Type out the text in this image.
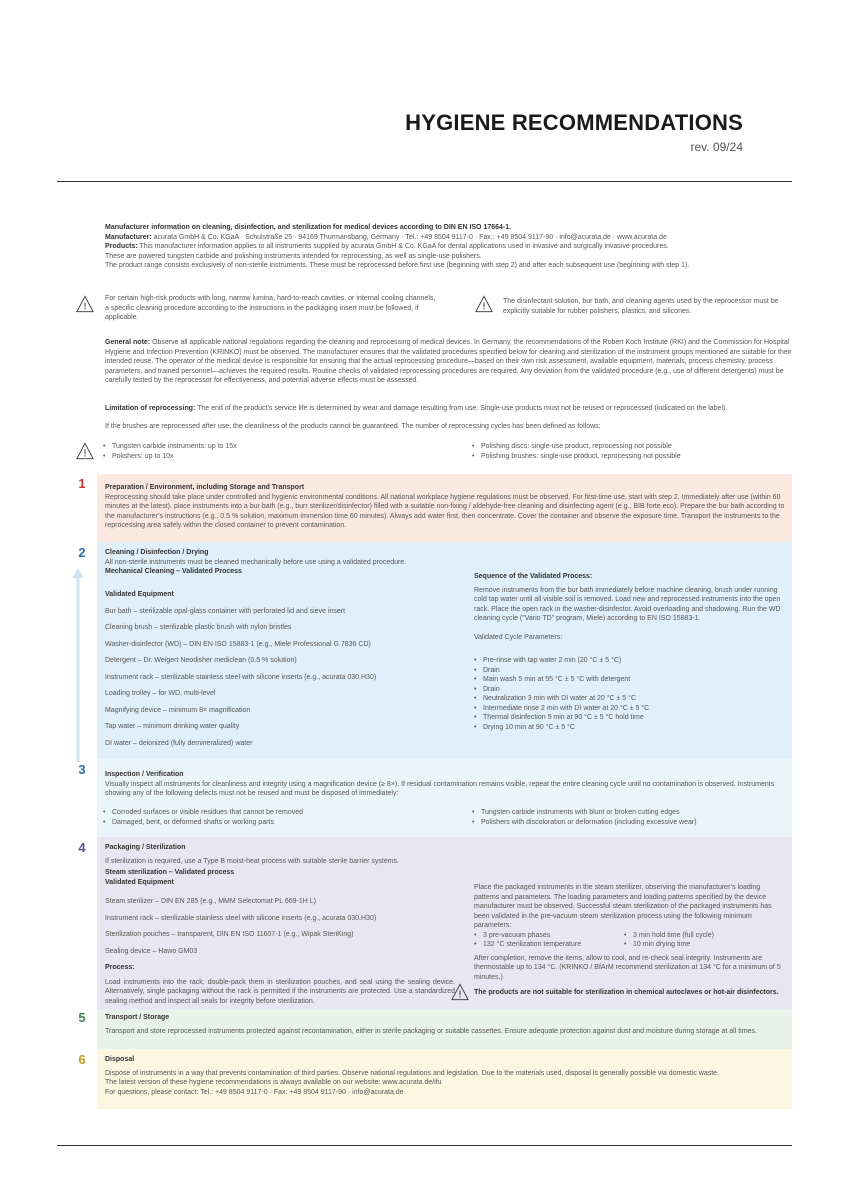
HYGIENE RECOMMENDATIONS
rev. 09/24

Manufacturer information on cleaning, disinfection, and sterilization for medical devices according to DIN EN ISO 17664-1.

Manufacturer: acurata GmbH & Co. KGaA · Schulstraße 25 · 94169 Thurmansbang, Germany · Tel.: +49 8504 9117-0 · Fax.: +49 8504 9117-90 · info@acurata.de · www.acurata.de

Products: This manufacturer information applies to all instruments supplied by acurata GmbH & Co. KGaA for dental applications used in invasive and surgically invasive procedures.

These are powered tungsten carbide and polishing instruments intended for reprocessing, as well as single-use polishers.

The product range consists exclusively of non-sterile instruments. These must be reprocessed before first use (beginning with step 2) and after each subsequent use (beginning with step 1).

!
For certain high-risk products with long, narrow lumina, hard-to-reach cavities, or internal cooling channels, a specific cleaning procedure according to the instructions in the packaging insert must be followed, if applicable.
! The disinfectant solution, bur bath, and cleaning agents used by the reprocessor must be explicitly suitable for rubber polishers, plastics, and silicones.
General note: Observe all applicable national regulations regarding the cleaning and reprocessing of medical devices. In Germany, the recommendations of the Robert Koch Institute (RKI) and the Commission for Hospital Hygiene and Infection Prevention (KRINKO) must be observed. The manufacturer ensures that the validated procedures specified below for cleaning and sterilization of the instrument groups mentioned are suitable for their intended reuse. The operator of the medical device is responsible for ensuring that the actual reprocessing procedure—based on their own risk assessment, available equipment, materials, process chemistry, process parameters, and trained personnel—achieves the required results. Routine checks of validated reprocessing procedures are required. Any deviation from the validated procedure (e.g., use of different detergents) must be carefully tested by the reprocessor for effectiveness, and potential adverse effects must be assessed.
Limitation of reprocessing: The end of the product’s service life is determined by wear and damage resulting from use. Single-use products must not be reused or reprocessed (indicated on the label).
If the brushes are reprocessed after use, the cleanliness of the products cannot be guaranteed. The number of reprocessing cycles has been defined as follows:
!
• Tungsten carbide instruments: up to 15x
• Polishers: up to 10x
• Polishing discs: single-use product, reprocessing not possible
• Polishing brushes: single-use product, reprocessing not possible
1
2
3
4
5
6

Preparation / Environment, including Storage and Transport

Reprocessing should take place under controlled and hygienic environmental conditions. All national workplace hygiene regulations must be observed. For first-time use, start with step 2. Immediately after use (within 60 minutes at the latest), place instruments into a bur bath (e.g., burr sterilizer/disinfector) filled with a suitable non-fixing / aldehyde-free cleaning and disinfecting agent (e.g., BIB forte eco). Prepare the bur bath according to the manufacturer’s instructions (e.g., 0.5 % solution, maximum immersion time 60 minutes). Always add water first, then concentrate. Cover the container and observe the exposure time. Transport the instruments to the reprocessing area safely within the closed container to prevent contamination.

Cleaning / Disinfection / Drying

All non-sterile instruments must be cleaned mechanically before use using a validated procedure.

Mechanical Cleaning – Validated Process

Validated Equipment

Bur bath – sterilizable opal-glass container with perforated lid and sieve insert

Cleaning brush – sterilizable plastic brush with nylon bristles

Washer-disinfector (WD) – DIN EN ISO 15883-1 (e.g., Miele Professional G 7836 CD)

Detergent – Dr. Weigert Neodisher mediclean (0.5 % solution)

Instrument rack – sterilizable stainless steel with silicone inserts (e.g., acurata 030.H30)

Loading trolley – for WD, multi-level

Magnifying device – minimum 8× magnification

Tap water – minimum drinking water quality

DI water – deionized (fully demineralized) water

Sequence of the Validated Process:

Remove instruments from the bur bath immediately before machine cleaning, brush under running cold tap water until all visible soil is removed. Load new and reprocessed instruments into the open rack. Place the open rack in the washer-disinfector. Avoid overloading and shadowing. Run the WD cleaning cycle ("Vario TD" program, Miele) according to EN ISO 15883-1.

Validated Cycle Parameters:

• Pre-rinse with tap water 2 min (20 °C ± 5 °C)
• Drain
• Main wash 5 min at 55 °C ± 5 °C with detergent
• Drain
• Neutralization 3 min with DI water at 20 °C ± 5 °C
• Intermediate rinse 2 min with DI water at 20 °C ± 5 °C
• Thermal disinfection 5 min at 90 °C ± 5 °C hold time
• Drying 10 min at 90 °C ± 5 °C

Inspection / Verification

Visually inspect all instruments for cleanliness and integrity using a magnification device (≥ 8×). If residual contamination remains visible, repeat the entire cleaning cycle until no contamination is observed. Instruments showing any of the following defects must not be reused and must be disposed of immediately:

• Corroded surfaces or visible residues that cannot be removed
• Damaged, bent, or deformed shafts or working parts
• Tungsten carbide instruments with blunt or broken cutting edges
• Polishers with discoloration or deformation (including excessive wear)

Packaging / Sterilization

If sterilization is required, use a Type B moist-heat process with suitable sterile barrier systems.

Steam sterilization – Validated process

Validated Equipment

Steam sterilizer – DIN EN 285 (e.g., MMM Selectomat PL 669-1H L)

Instrument rack – sterilizable stainless steel with silicone inserts (e.g., acurata 030.H30)

Sterilization pouches – transparent, DIN EN ISO 11607-1 (e.g., Wipak SteriKing)

Sealing device – Hawo GM03

Process:

Load instruments into the rack, double-pack them in sterilization pouches, and seal using the sealing device. Alternatively, single packaging without the rack is permitted if the instruments are protected. Use a standardized sealing method and inspect all seals for integrity before sterilization.

Place the packaged instruments in the steam sterilizer, observing the manufacturer’s loading patterns and parameters. The loading parameters and loading patterns specified by the device manufacturer must be observed. Successful steam sterilization of the packaged instruments has been validated in the pre-vacuum steam sterilization process using the following minimum parameters:

• 3 pre-vacuum phases
• 132 °C sterilization temperature
• 3 min hold time (full cycle)
• 10 min drying time

After completion, remove the items, allow to cool, and re-check seal integrity. Instruments are thermostable up to 134 °C. (KRINKO / BfArM recommend sterilization at 134 °C for a minimum of 5 minutes.)

! The products are not suitable for sterilization in chemical autoclaves or hot-air disinfectors.

Transport / Storage

Transport and store reprocessed instruments protected against recontamination, either in sterile packaging or suitable cassettes. Ensure adequate protection against dust and moisture during storage at all times.

Disposal

Dispose of instruments in a way that prevents contamination of third parties. Observe national regulations and legislation. Due to the materials used, disposal is generally possible via domestic waste.

The latest version of these hygiene recommendations is always available on our website: www.acurata.de/ifu

For questions, please contact: Tel.: +49 8504 9117-0 · Fax: +49 8504 9117-90 · info@acurata.de
